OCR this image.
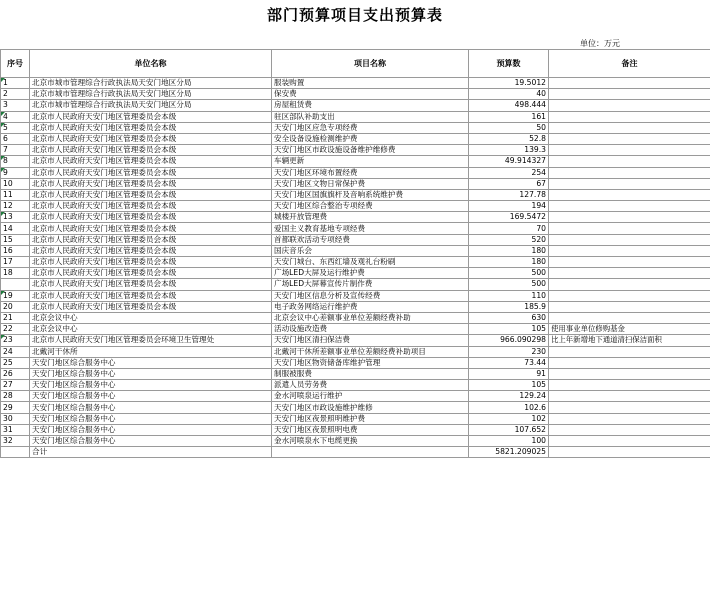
部门预算项目支出预算表
单位：万元
序号	单位名称	项目名称	预算数	备注
1	北京市城市管理综合行政执法局天安门地区分局	服装购置	19.5012	
2	北京市城市管理综合行政执法局天安门地区分局	保安费	40	
3	北京市城市管理综合行政执法局天安门地区分局	房屋租赁费	498.444	
4	北京市人民政府天安门地区管理委员会本级	驻区部队补助支出	161	
5	北京市人民政府天安门地区管理委员会本级	天安门地区应急专项经费	50	
6	北京市人民政府天安门地区管理委员会本级	安全设备设施检测维护费	52.8	
7	北京市人民政府天安门地区管理委员会本级	天安门地区市政设施设备维护维修费	139.3	
8	北京市人民政府天安门地区管理委员会本级	车辆更新	49.914327	
9	北京市人民政府天安门地区管理委员会本级	天安门地区环境布置经费	254	
10	北京市人民政府天安门地区管理委员会本级	天安门地区文物日常保护费	67	
11	北京市人民政府天安门地区管理委员会本级	天安门地区国旗旗杆及音响系统维护费	127.78	
12	北京市人民政府天安门地区管理委员会本级	天安门地区综合整治专项经费	194	
13	北京市人民政府天安门地区管理委员会本级	城楼开放管理费	169.5472	
14	北京市人民政府天安门地区管理委员会本级	爱国主义教育基地专项经费	70	
15	北京市人民政府天安门地区管理委员会本级	首都联欢活动专项经费	520	
16	北京市人民政府天安门地区管理委员会本级	国庆音乐会	180	
17	北京市人民政府天安门地区管理委员会本级	天安门城台、东西红墙及观礼台粉刷	180	
18	北京市人民政府天安门地区管理委员会本级	广场LED大屏及运行维护费	500	
	北京市人民政府天安门地区管理委员会本级	广场LED大屏幕宣传片制作费	500	
19	北京市人民政府天安门地区管理委员会本级	天安门地区信息分析及宣传经费	110	
20	北京市人民政府天安门地区管理委员会本级	电子政务网络运行维护费	185.9	
21	北京会议中心	北京会议中心差额事业单位差额经费补助	630	
22	北京会议中心	活动设施改造费	105	使用事业单位修购基金
23	北京市人民政府天安门地区管理委员会环境卫生管理处	天安门地区清扫保洁费	966.090298	比上年新增地下通道清扫保洁面积
24	北戴河干休所	北戴河干休所差额事业单位差额经费补助项目	230	
25	天安门地区综合服务中心	天安门地区物资储备库维护管理	73.44	
26	天安门地区综合服务中心	制服被服费	91	
27	天安门地区综合服务中心	派遣人员劳务费	105	
28	天安门地区综合服务中心	金水河喷泉运行维护	129.24	
29	天安门地区综合服务中心	天安门地区市政设施维护维修	102.6	
30	天安门地区综合服务中心	天安门地区夜景照明维护费	102	
31	天安门地区综合服务中心	天安门地区夜景照明电费	107.652	
32	天安门地区综合服务中心	金水河喷泉水下电缆更换	100	
	合计		5821.209025	
